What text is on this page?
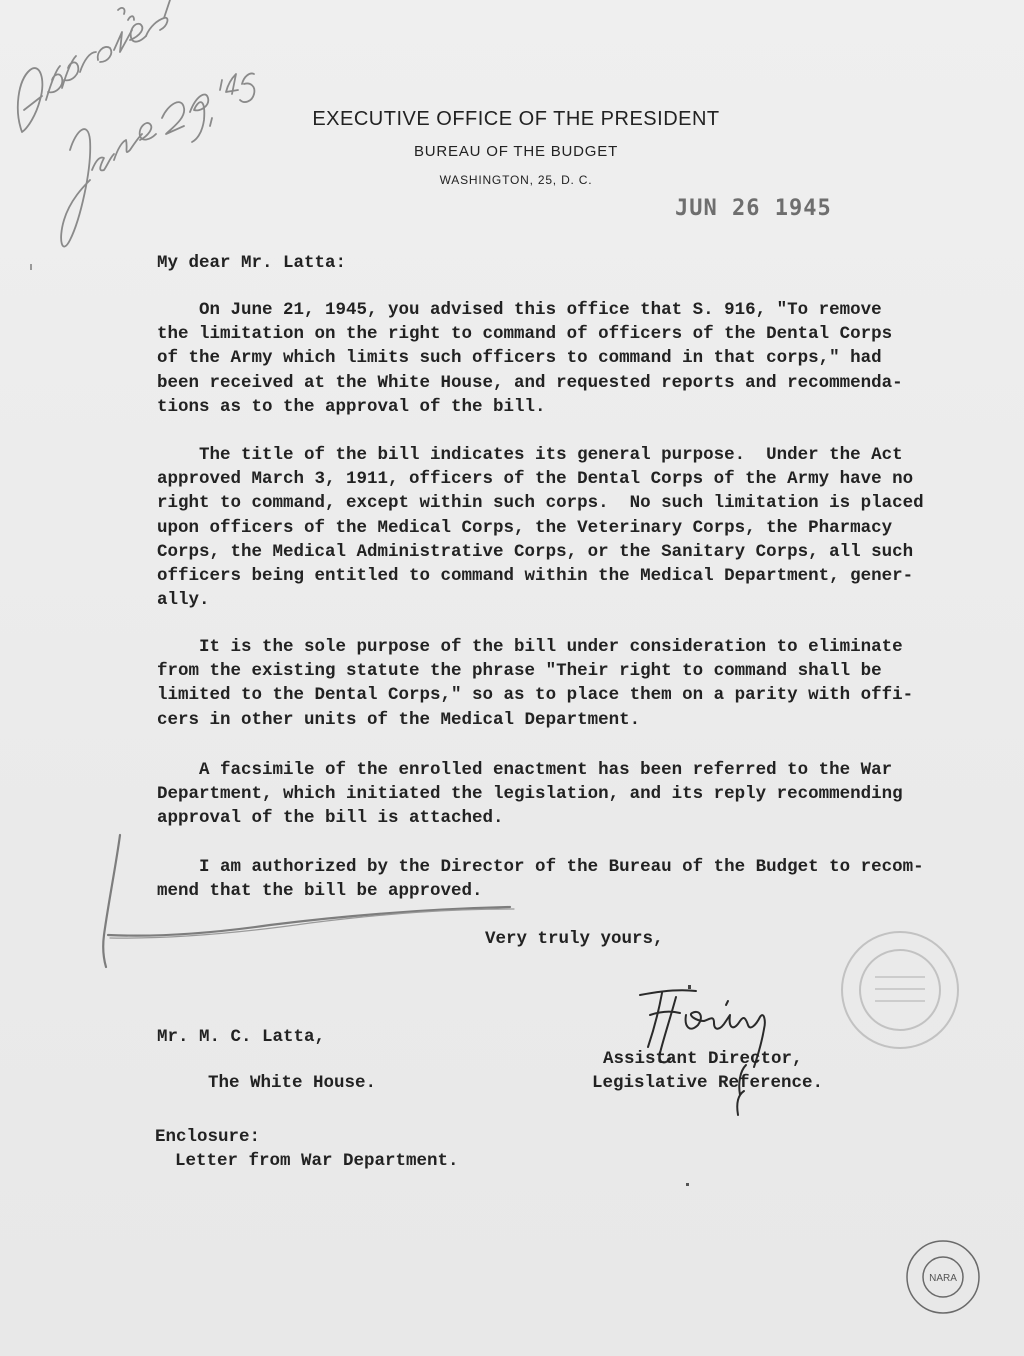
Approved June 29, '45
EXECUTIVE OFFICE OF THE PRESIDENT
BUREAU OF THE BUDGET
WASHINGTON, 25, D. C.
JUN 26 1945
My dear Mr. Latta:
On June 21, 1945, you advised this office that S. 916, "To remove
the limitation on the right to command of officers of the Dental Corps
of the Army which limits such officers to command in that corps," had
been received at the White House, and requested reports and recommenda-
tions as to the approval of the bill.
The title of the bill indicates its general purpose.  Under the Act
approved March 3, 1911, officers of the Dental Corps of the Army have no
right to command, except within such corps.  No such limitation is placed
upon officers of the Medical Corps, the Veterinary Corps, the Pharmacy
Corps, the Medical Administrative Corps, or the Sanitary Corps, all such
officers being entitled to command within the Medical Department, gener-
ally.
It is the sole purpose of the bill under consideration to eliminate
from the existing statute the phrase "Their right to command shall be
limited to the Dental Corps," so as to place them on a parity with offi-
cers in other units of the Medical Department.
A facsimile of the enrolled enactment has been referred to the War
Department, which initiated the legislation, and its reply recommending
approval of the bill is attached.
I am authorized by the Director of the Bureau of the Budget to recom-
mend that the bill be approved.
Very truly yours,
F. J. Bailey
Assistant Director,
Legislative Reference.
Mr. M. C. Latta,
The White House.
Enclosure:
Letter from War Department.
NARA
HARRY S. TRUMAN LIBRARY
